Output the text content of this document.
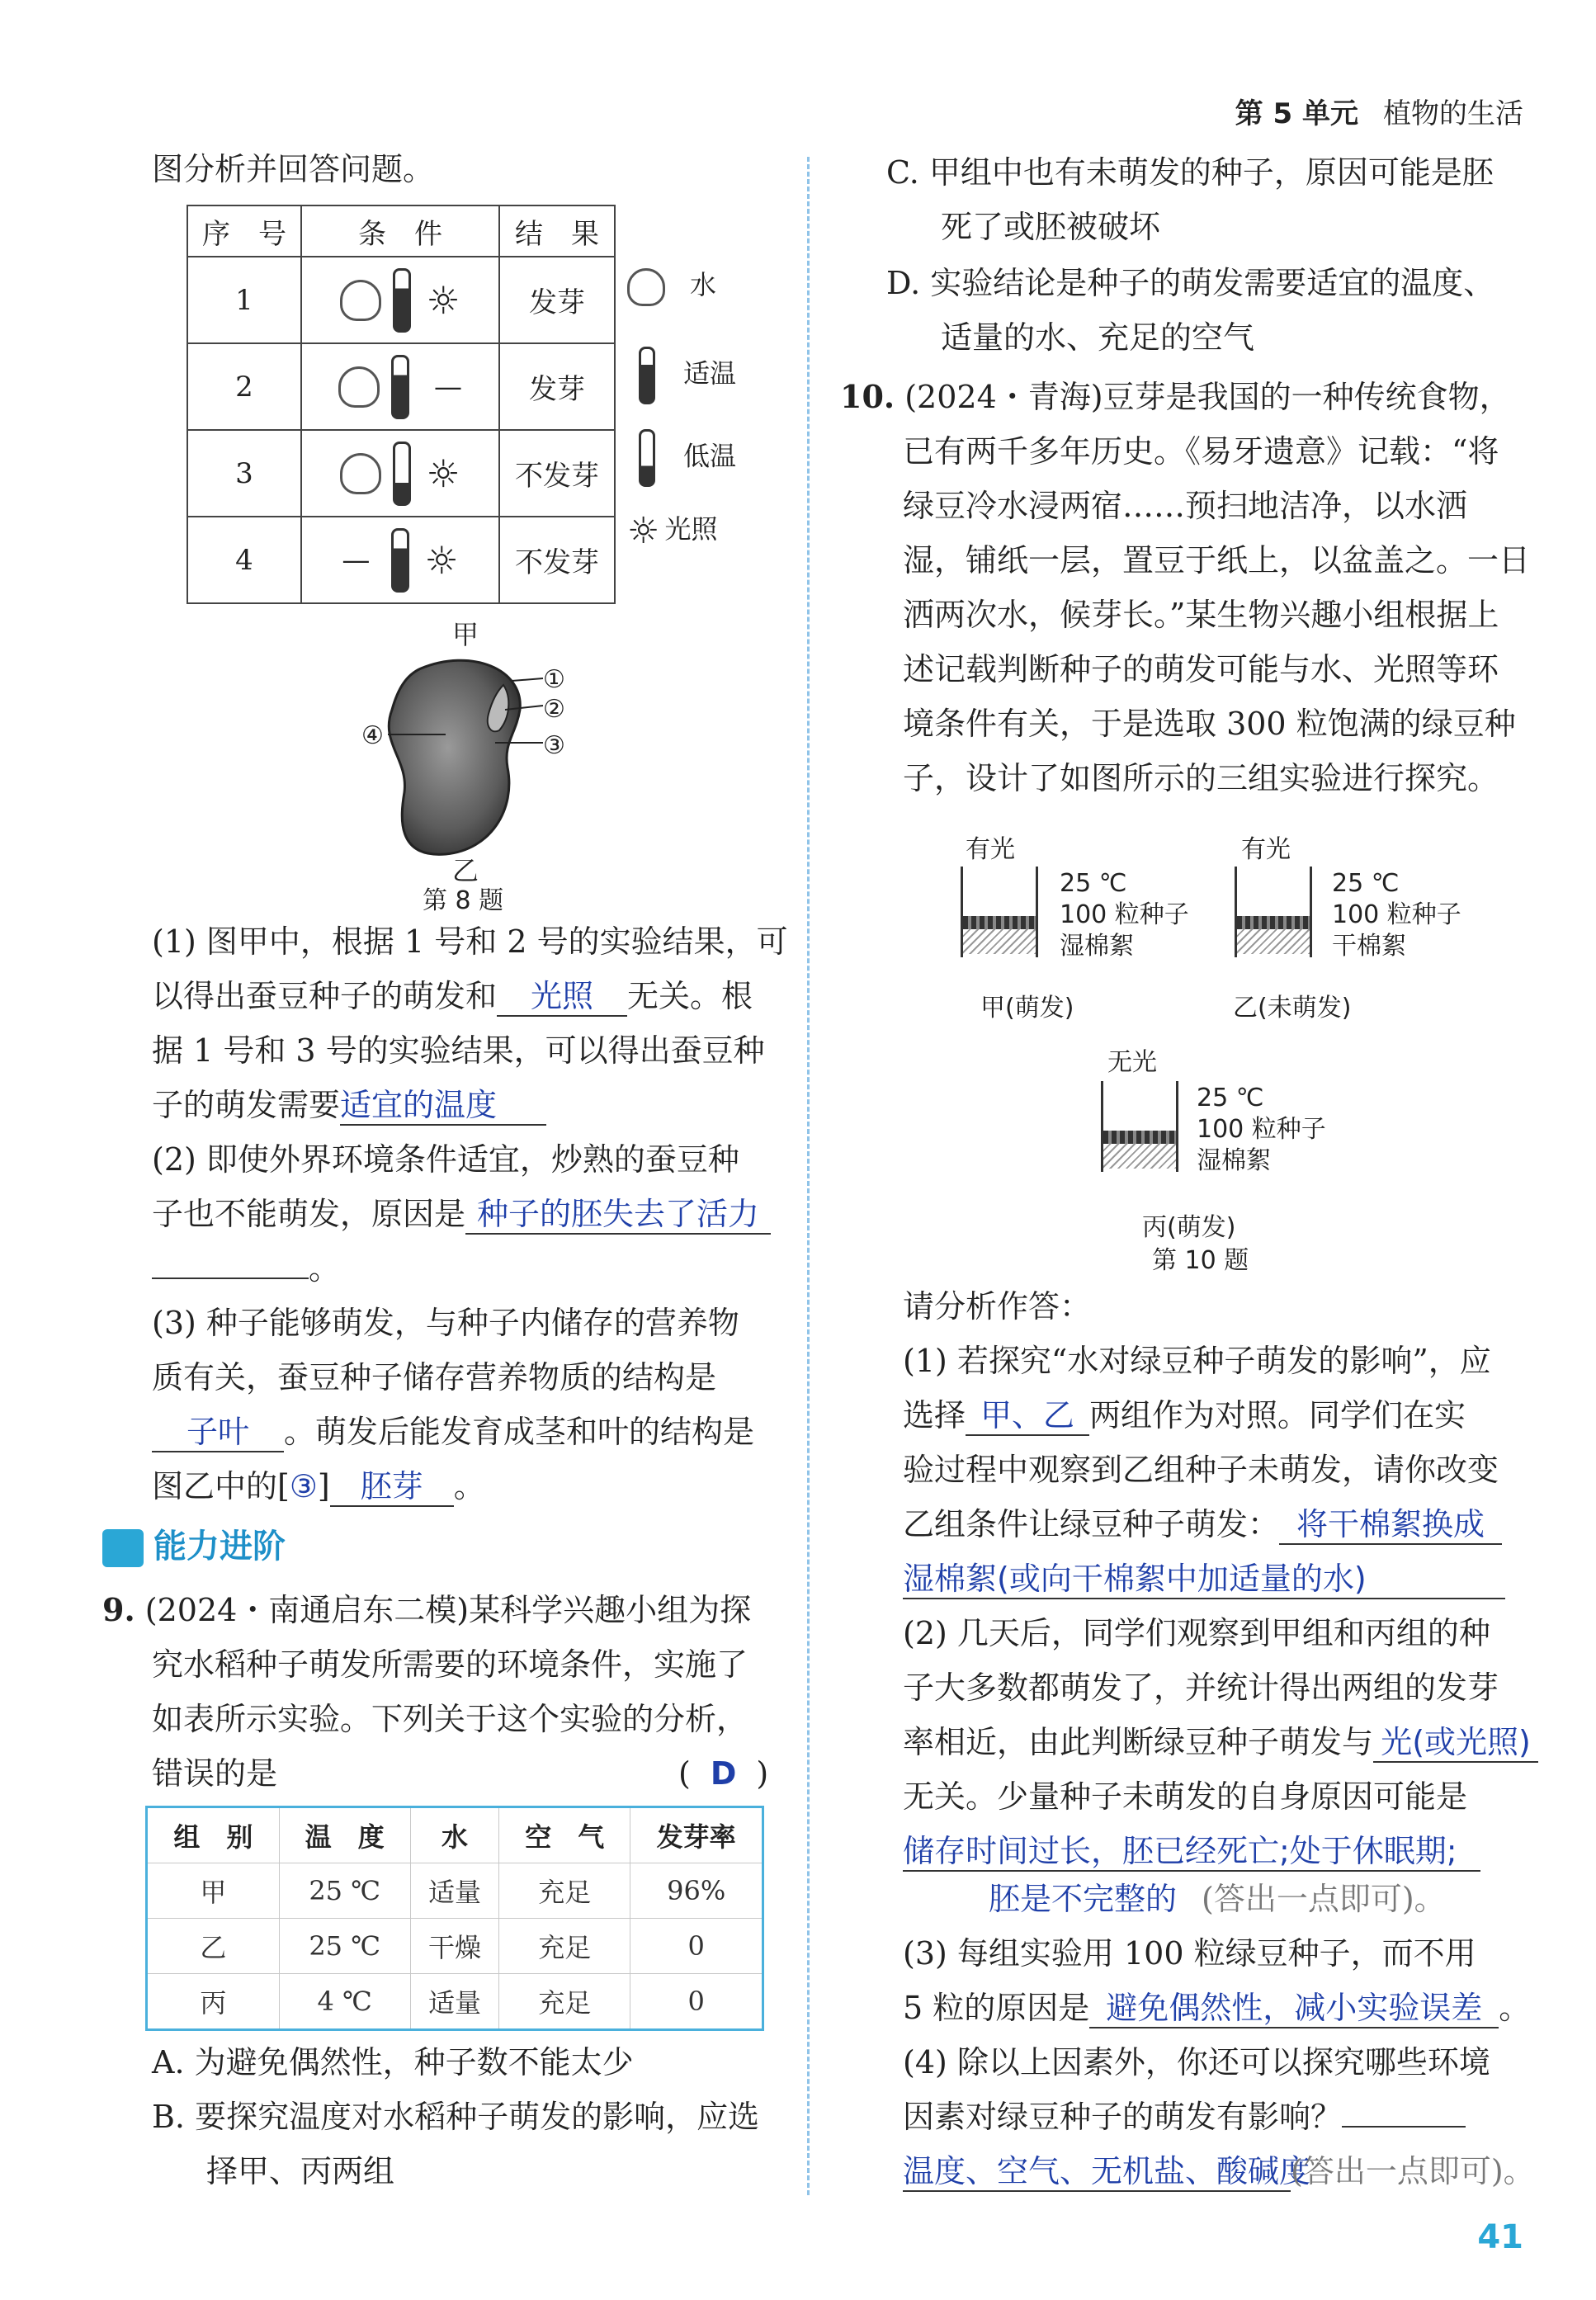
第 5 单元 植物的生活
图分析并回答问题。
序　号	条　件	结　果
1	☼	发芽
2	—	发芽
3	☼	不发芽
4	— ☼	不发芽
水
适温
低温
☼ 光照
甲
①
②
③
④
乙
第 8 题
(1) 图甲中，根据 1 号和 2 号的实验结果，可
以得出蚕豆种子的萌发和 光照 无关。根
据 1 号和 3 号的实验结果，可以得出蚕豆种
子的萌发需要适宜的温度
(2) 即使外界环境条件适宜，炒熟的蚕豆种
子也不能萌发，原因是 种子的胚失去了活力
。
(3) 种子能够萌发，与种子内储存的营养物
质有关，蚕豆种子储存营养物质的结构是
子叶 。萌发后能发育成茎和叶的结构是
图乙中的[③] 胚芽 。
能力进阶
9. (2024・南通启东二模)某科学兴趣小组为探
究水稻种子萌发所需要的环境条件，实施了
如表所示实验。下列关于这个实验的分析，
错误的是	( D )
组　别	温　度	水	空　气	发芽率
甲	25 ℃	适量	充足	96%
乙	25 ℃	干燥	充足	0
丙	4 ℃	适量	充足	0
A. 为避免偶然性，种子数不能太少
B. 要探究温度对水稻种子萌发的影响，应选
择甲、丙两组
C. 甲组中也有未萌发的种子，原因可能是胚
死了或胚被破坏
D. 实验结论是种子的萌发需要适宜的温度、
适量的水、充足的空气
10. (2024・青海)豆芽是我国的一种传统食物，
已有两千多年历史。《易牙遗意》记载：“将
绿豆冷水浸两宿……预扫地洁净，以水洒
湿，铺纸一层，置豆于纸上，以盆盖之。一日
洒两次水，候芽长。”某生物兴趣小组根据上
述记载判断种子的萌发可能与水、光照等环
境条件有关，于是选取 300 粒饱满的绿豆种
子，设计了如图所示的三组实验进行探究。
有光
25 ℃
100 粒种子
湿棉絮
甲(萌发)
有光
25 ℃
100 粒种子
干棉絮
乙(未萌发)
无光
25 ℃
100 粒种子
湿棉絮
丙(萌发)
第 10 题
请分析作答：
(1) 若探究“水对绿豆种子萌发的影响”，应
选择 甲、乙 两组作为对照。同学们在实
验过程中观察到乙组种子未萌发，请你改变
乙组条件让绿豆种子萌发： 将干棉絮换成
湿棉絮(或向干棉絮中加适量的水)
(2) 几天后，同学们观察到甲组和丙组的种
子大多数都萌发了，并统计得出两组的发芽
率相近，由此判断绿豆种子萌发与 光(或光照)
无关。少量种子未萌发的自身原因可能是
储存时间过长，胚已经死亡;处于休眠期;
胚是不完整的 (答出一点即可)。
(3) 每组实验用 100 粒绿豆种子，而不用
5 粒的原因是 避免偶然性，减小实验误差 。
(4) 除以上因素外，你还可以探究哪些环境
因素对绿豆种子的萌发有影响？
温度、空气、无机盐、酸碱度(答出一点即可)。
41
